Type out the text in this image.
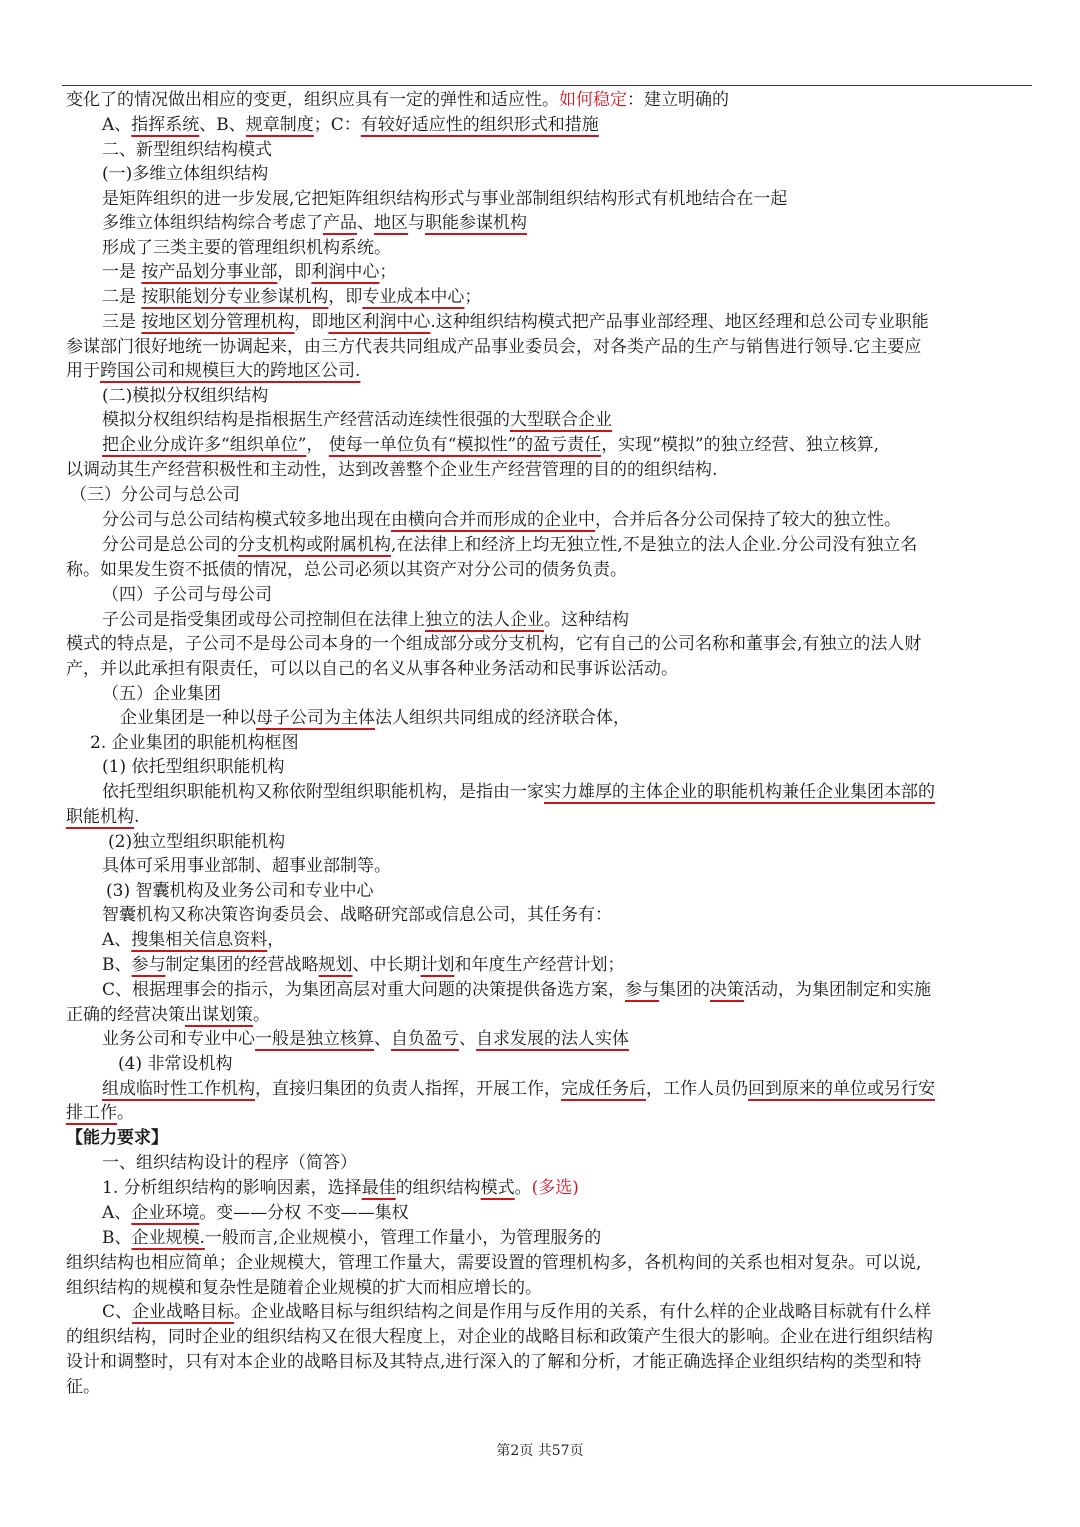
变化了的情况做出相应的变更，组织应具有一定的弹性和适应性。如何稳定：建立明确的
A、指挥系统、B、规章制度；C：有较好适应性的组织形式和措施
二、新型组织结构模式
(一)多维立体组织结构
是矩阵组织的进一步发展,它把矩阵组织结构形式与事业部制组织结构形式有机地结合在一起
多维立体组织结构综合考虑了产品、地区与职能参谋机构
形成了三类主要的管理组织机构系统。
一是 按产品划分事业部，即利润中心；
二是 按职能划分专业参谋机构，即专业成本中心；
三是 按地区划分管理机构，即地区利润中心.这种组织结构模式把产品事业部经理、地区经理和总公司专业职能
参谋部门很好地统一协调起来，由三方代表共同组成产品事业委员会，对各类产品的生产与销售进行领导.它主要应
用于跨国公司和规模巨大的跨地区公司.
(二)模拟分权组织结构
模拟分权组织结构是指根据生产经营活动连续性很强的大型联合企业
把企业分成许多“组织单位”， 使每一单位负有“模拟性”的盈亏责任，实现“模拟”的独立经营、独立核算,
以调动其生产经营积极性和主动性，达到改善整个企业生产经营管理的目的的组织结构.
（三）分公司与总公司
分公司与总公司结构模式较多地出现在由横向合并而形成的企业中，合并后各分公司保持了较大的独立性。
分公司是总公司的分支机构或附属机构,在法律上和经济上均无独立性,不是独立的法人企业.分公司没有独立名
称。如果发生资不抵债的情况，总公司必须以其资产对分公司的债务负责。
（四）子公司与母公司
子公司是指受集团或母公司控制但在法律上独立的法人企业。这种结构
模式的特点是，子公司不是母公司本身的一个组成部分或分支机构，它有自己的公司名称和董事会,有独立的法人财
产，并以此承担有限责任，可以以自己的名义从事各种业务活动和民事诉讼活动。
（五）企业集团
企业集团是一种以母子公司为主体法人组织共同组成的经济联合体，
2. 企业集团的职能机构框图
(1) 依托型组织职能机构
依托型组织职能机构又称依附型组织职能机构，是指由一家实力雄厚的主体企业的职能机构兼任企业集团本部的
职能机构.
(2)独立型组织职能机构
具体可采用事业部制、超事业部制等。
(3) 智囊机构及业务公司和专业中心
智囊机构又称决策咨询委员会、战略研究部或信息公司，其任务有：
A、搜集相关信息资料，
B、参与制定集团的经营战略规划、中长期计划和年度生产经营计划；
C、根据理事会的指示，为集团高层对重大问题的决策提供备选方案，参与集团的决策活动，为集团制定和实施
正确的经营决策出谋划策。
业务公司和专业中心一般是独立核算、自负盈亏、自求发展的法人实体
(4) 非常设机构
组成临时性工作机构，直接归集团的负责人指挥，开展工作，完成任务后，工作人员仍回到原来的单位或另行安
排工作。
【能力要求】
一、组织结构设计的程序（简答）
1. 分析组织结构的影响因素，选择最佳的组织结构模式。(多选)
A、企业环境。变——分权 不变——集权
B、企业规模.一般而言,企业规模小，管理工作量小，为管理服务的
组织结构也相应简单；企业规模大，管理工作量大，需要设置的管理机构多，各机构间的关系也相对复杂。可以说,
组织结构的规模和复杂性是随着企业规模的扩大而相应增长的。
C、企业战略目标。企业战略目标与组织结构之间是作用与反作用的关系，有什么样的企业战略目标就有什么样
的组织结构，同时企业的组织结构又在很大程度上，对企业的战略目标和政策产生很大的影响。企业在进行组织结构
设计和调整时，只有对本企业的战略目标及其特点,进行深入的了解和分析，才能正确选择企业组织结构的类型和特
征。
第2页 共57页
